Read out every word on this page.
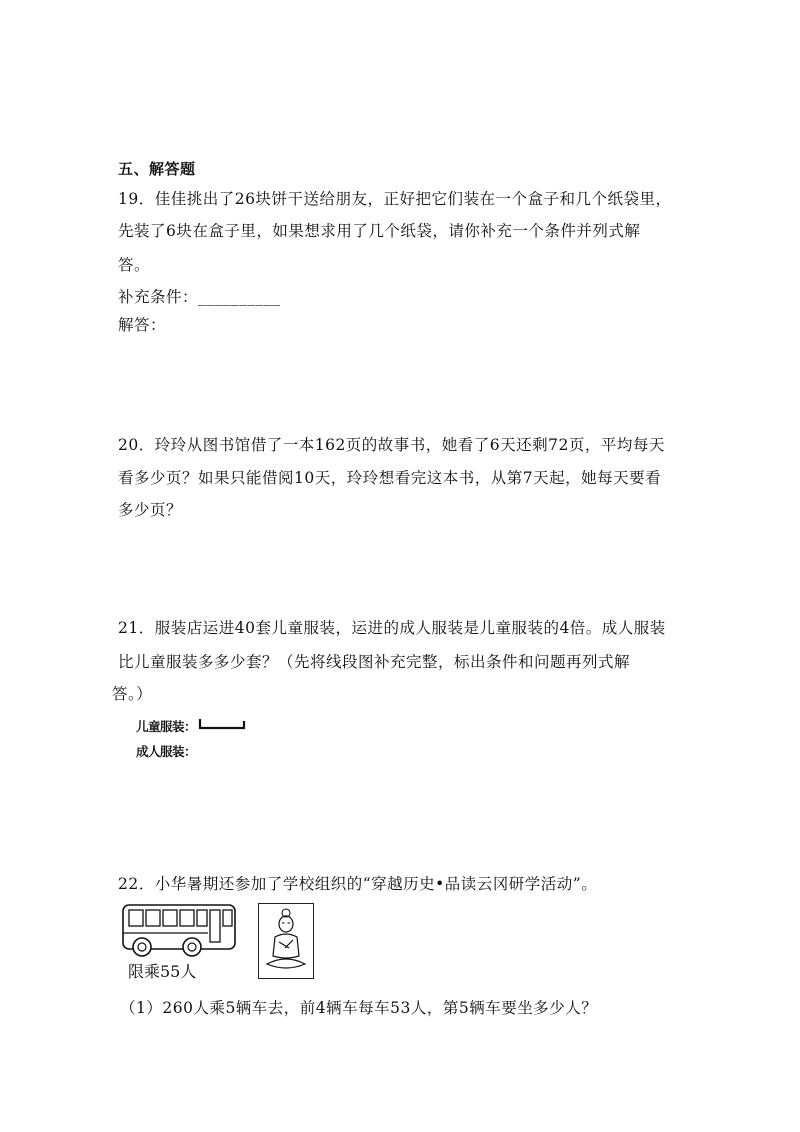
五、解答题
19．佳佳挑出了26块饼干送给朋友，正好把它们装在一个盒子和几个纸袋里，
先装了6块在盒子里，如果想求用了几个纸袋，请你补充一个条件并列式解
答。
补充条件：__________
解答：
20．玲玲从图书馆借了一本162页的故事书，她看了6天还剩72页，平均每天
看多少页？如果只能借阅10天，玲玲想看完这本书，从第7天起，她每天要看
多少页？
21．服装店运进40套儿童服装，运进的成人服装是儿童服装的4倍。成人服装
比儿童服装多多少套？（先将线段图补充完整，标出条件和问题再列式解
答。）
儿童服装：
成人服装：
22．小华暑期还参加了学校组织的“穿越历史•品读云冈研学活动”。
限乘55人
（1）260人乘5辆车去，前4辆车每车53人，第5辆车要坐多少人？
